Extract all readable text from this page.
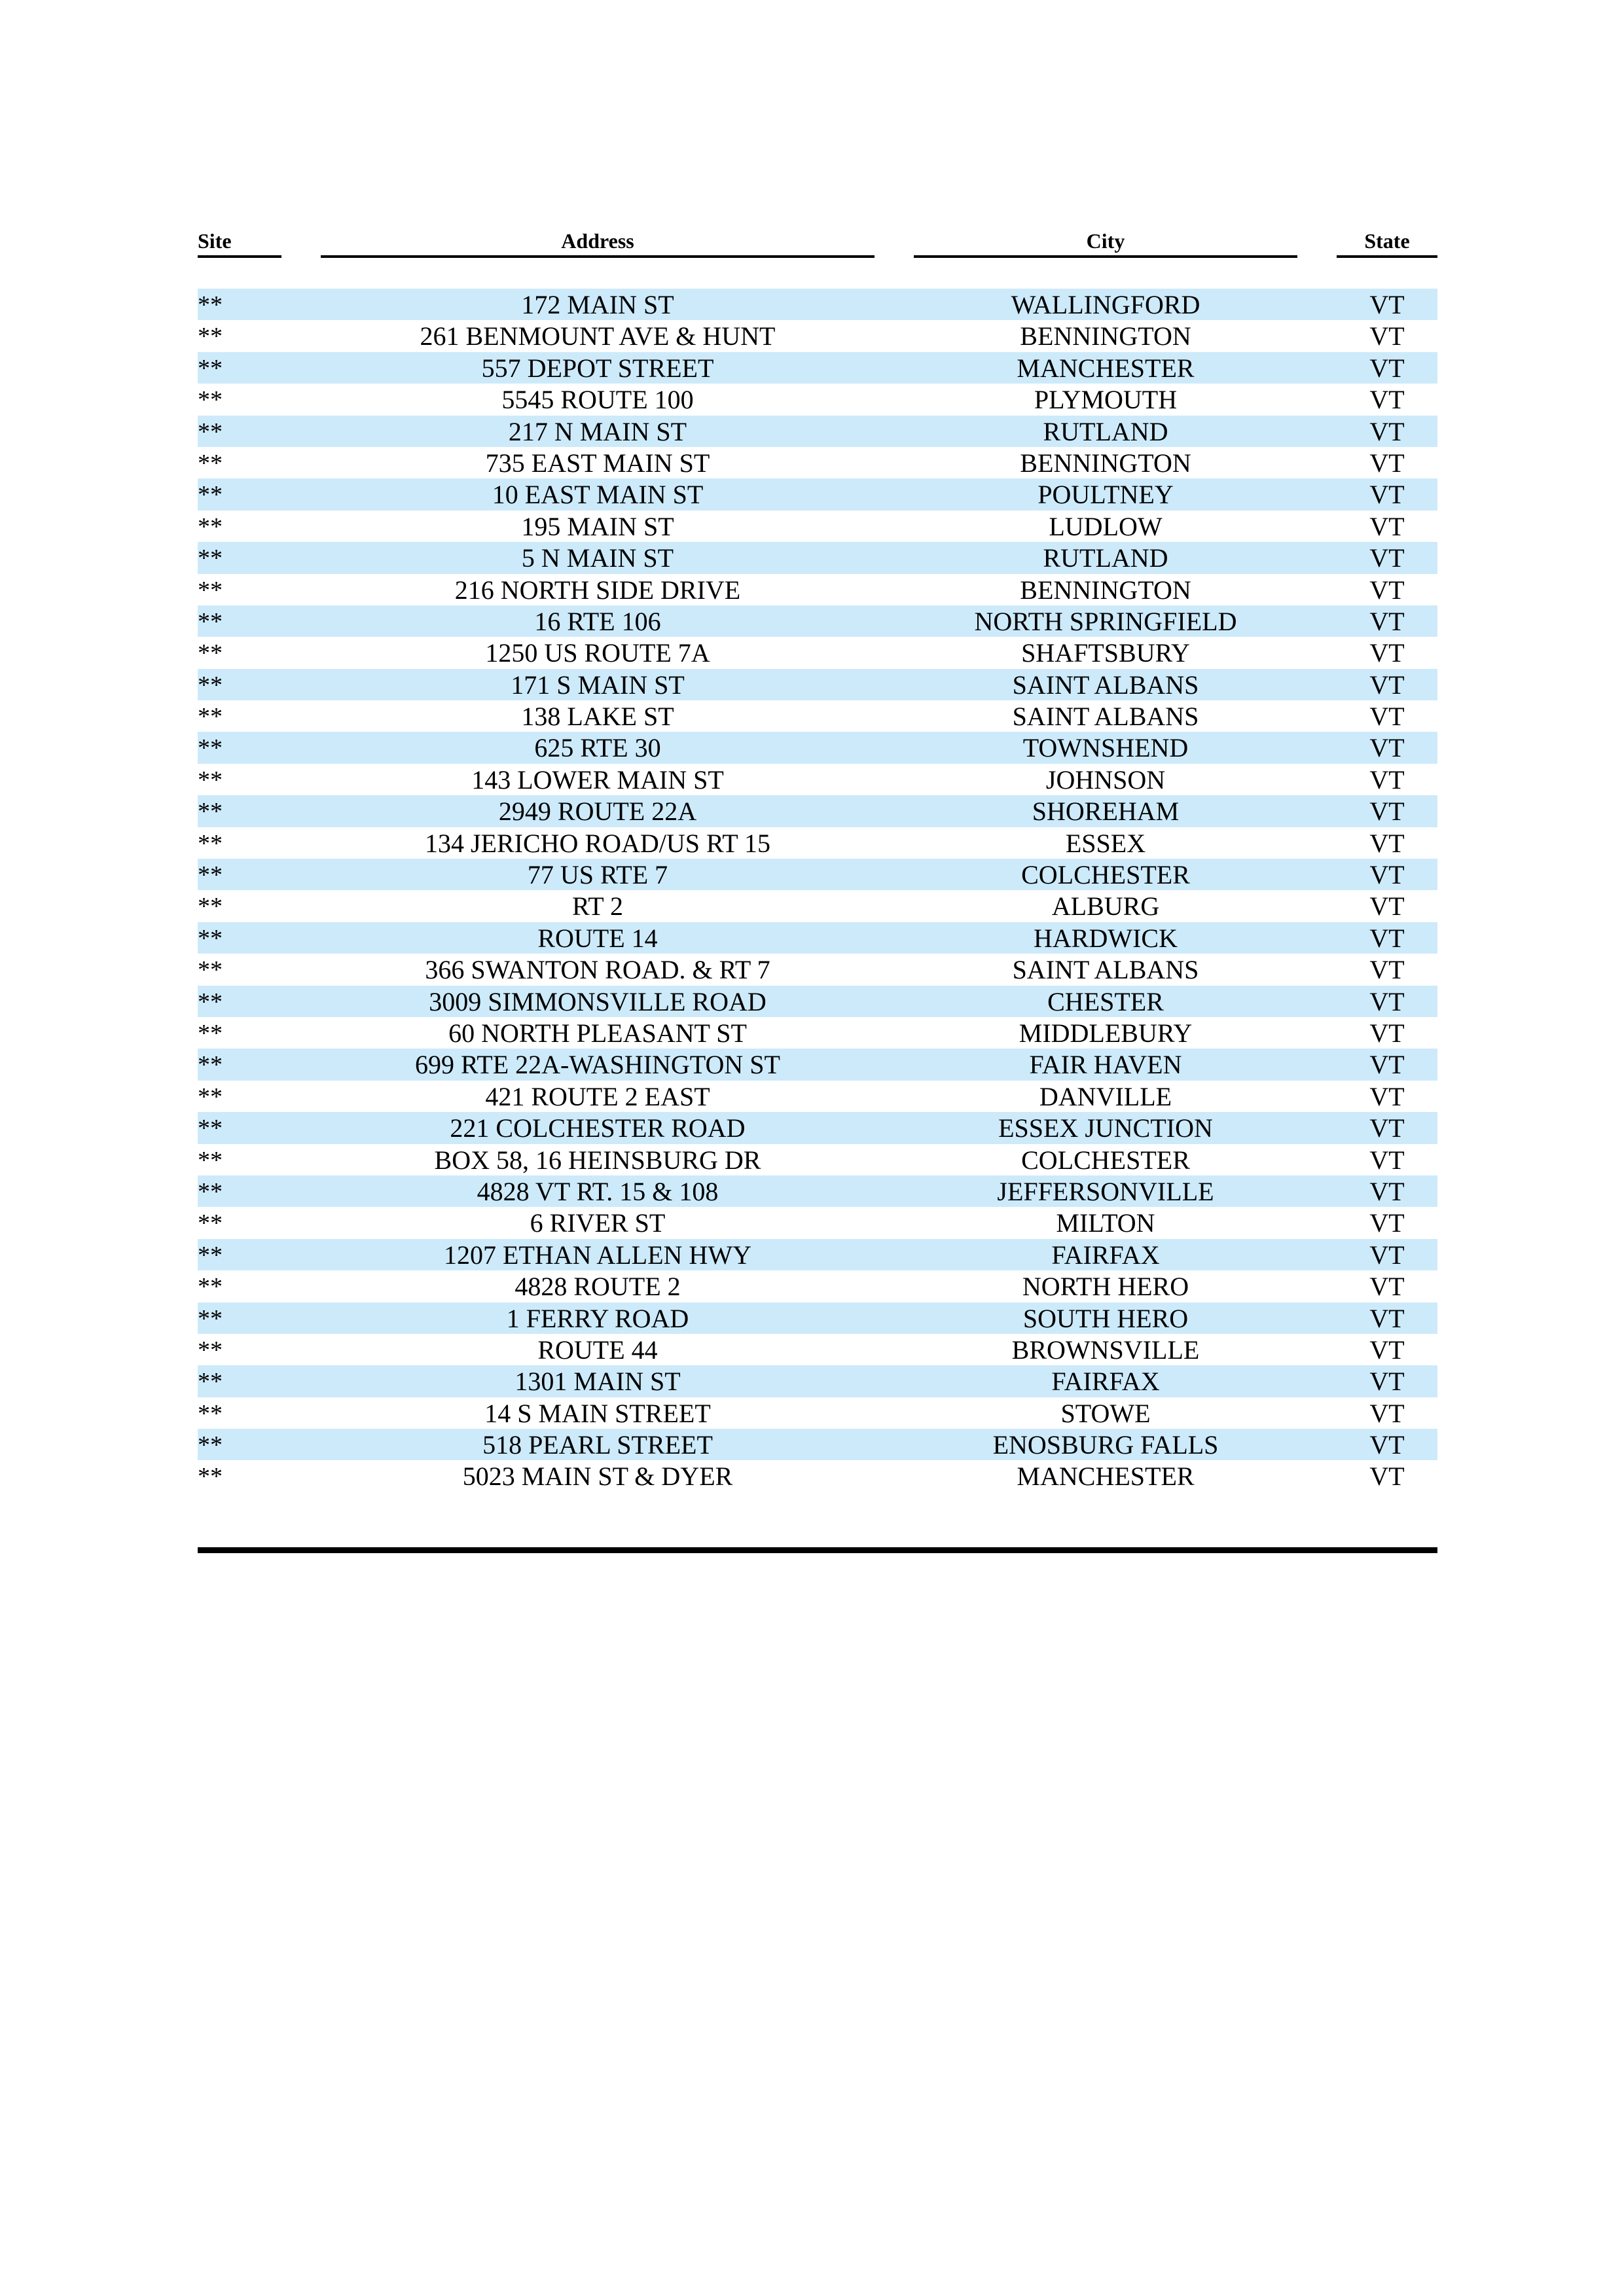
Site	Address	City	State
**	172 MAIN ST	WALLINGFORD	VT
**	261 BENMOUNT AVE & HUNT	BENNINGTON	VT
**	557 DEPOT STREET	MANCHESTER	VT
**	5545 ROUTE 100	PLYMOUTH	VT
**	217 N MAIN ST	RUTLAND	VT
**	735 EAST MAIN ST	BENNINGTON	VT
**	10 EAST MAIN ST	POULTNEY	VT
**	195 MAIN ST	LUDLOW	VT
**	5 N MAIN ST	RUTLAND	VT
**	216 NORTH SIDE DRIVE	BENNINGTON	VT
**	16 RTE 106	NORTH SPRINGFIELD	VT
**	1250 US ROUTE 7A	SHAFTSBURY	VT
**	171 S MAIN ST	SAINT ALBANS	VT
**	138 LAKE ST	SAINT ALBANS	VT
**	625 RTE 30	TOWNSHEND	VT
**	143 LOWER MAIN ST	JOHNSON	VT
**	2949 ROUTE 22A	SHOREHAM	VT
**	134 JERICHO ROAD/US RT 15	ESSEX	VT
**	77 US RTE 7	COLCHESTER	VT
**	RT 2	ALBURG	VT
**	ROUTE 14	HARDWICK	VT
**	366 SWANTON ROAD. & RT 7	SAINT ALBANS	VT
**	3009 SIMMONSVILLE ROAD	CHESTER	VT
**	60 NORTH PLEASANT ST	MIDDLEBURY	VT
**	699 RTE 22A-WASHINGTON ST	FAIR HAVEN	VT
**	421 ROUTE 2 EAST	DANVILLE	VT
**	221 COLCHESTER ROAD	ESSEX JUNCTION	VT
**	BOX 58, 16 HEINSBURG DR	COLCHESTER	VT
**	4828 VT RT. 15 & 108	JEFFERSONVILLE	VT
**	6 RIVER ST	MILTON	VT
**	1207 ETHAN ALLEN HWY	FAIRFAX	VT
**	4828 ROUTE 2	NORTH HERO	VT
**	1 FERRY ROAD	SOUTH HERO	VT
**	ROUTE 44	BROWNSVILLE	VT
**	1301 MAIN ST	FAIRFAX	VT
**	14 S MAIN STREET	STOWE	VT
**	518 PEARL STREET	ENOSBURG FALLS	VT
**	5023 MAIN ST & DYER	MANCHESTER	VT
